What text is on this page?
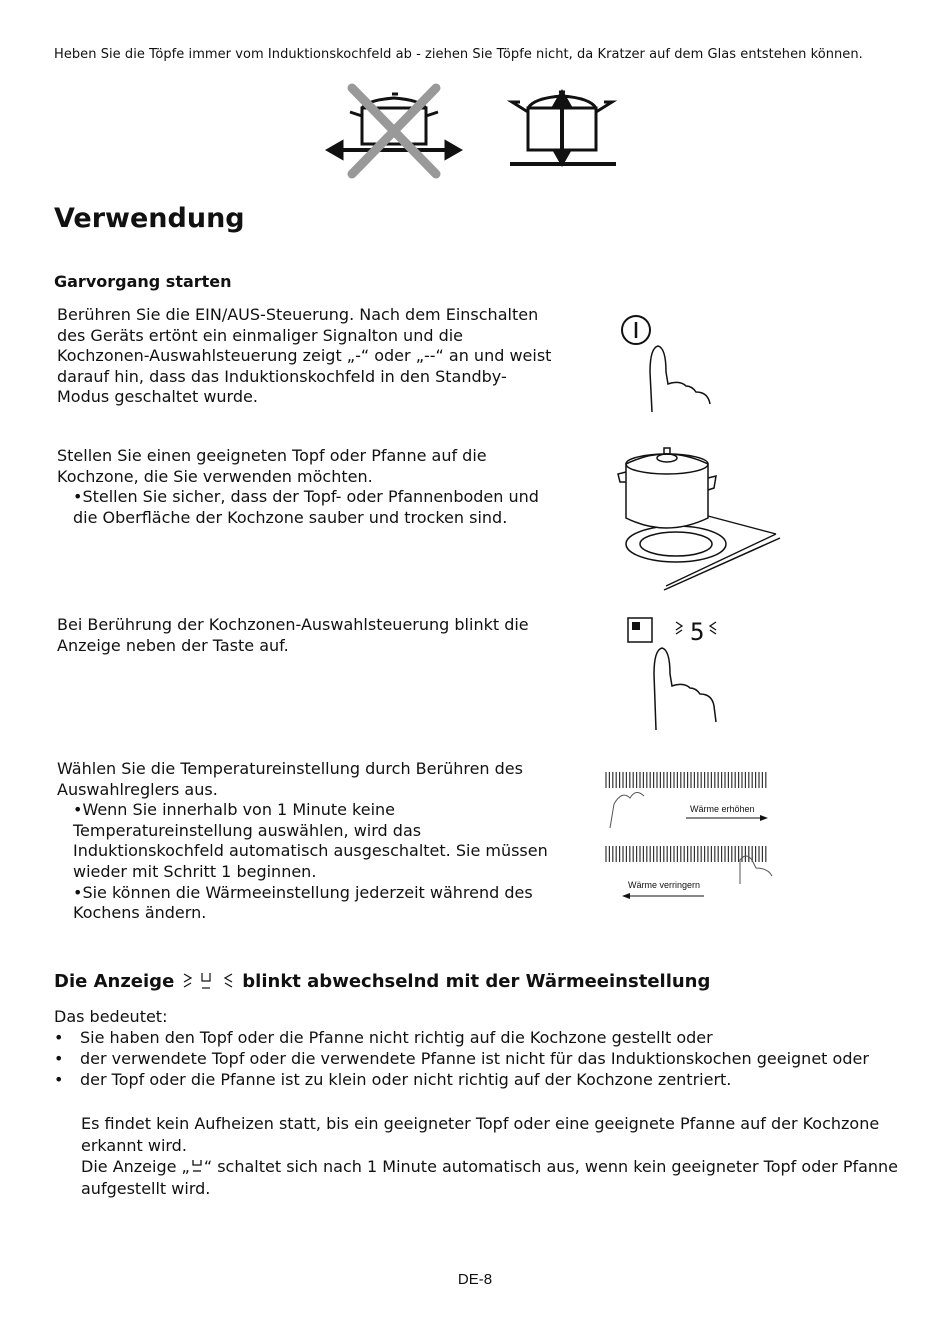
Heben Sie die Töpfe immer vom Induktionskochfeld ab - ziehen Sie Töpfe nicht, da Kratzer auf dem Glas entstehen können.
Verwendung
Garvorgang starten

Berühren Sie die EIN/AUS-Steuerung. Nach dem Einschalten des Geräts ertönt ein einmaliger Signalton und die Kochzonen-Auswahlsteuerung zeigt „-“ oder „--“ an und weist darauf hin, dass das Induktionskochfeld in den Standby-Modus geschaltet wurde.

Stellen Sie einen geeigneten Topf oder Pfanne auf die Kochzone, die Sie verwenden möchten.

•Stellen Sie sicher, dass der Topf- oder Pfannenboden und die Oberfläche der Kochzone sauber und trocken sind.

Bei Berührung der Kochzonen-Auswahlsteuerung blinkt die Anzeige neben der Taste auf.	5

Wählen Sie die Temperatureinstellung durch Berühren des Auswahlreglers aus.

•Wenn Sie innerhalb von 1 Minute keine Temperatureinstellung auswählen, wird das Induktionskochfeld automatisch ausgeschaltet. Sie müssen wieder mit Schritt 1 beginnen.

•Sie können die Wärmeeinstellung jederzeit während des Kochens ändern.

Wärme erhöhen
Wärme verringern
Die Anzeige	blinkt abwechselnd mit der Wärmeeinstellung

Das bedeutet:

• Sie haben den Topf oder die Pfanne nicht richtig auf die Kochzone gestellt oder
• der verwendete Topf oder die verwendete Pfanne ist nicht für das Induktionskochen geeignet oder
• der Topf oder die Pfanne ist zu klein oder nicht richtig auf der Kochzone zentriert.

Es findet kein Aufheizen statt, bis ein geeigneter Topf oder eine geeignete Pfanne auf der Kochzone erkannt wird.

Die Anzeige „ “ schaltet sich nach 1 Minute automatisch aus, wenn kein geeigneter Topf oder Pfanne aufgestellt wird.

DE-8
